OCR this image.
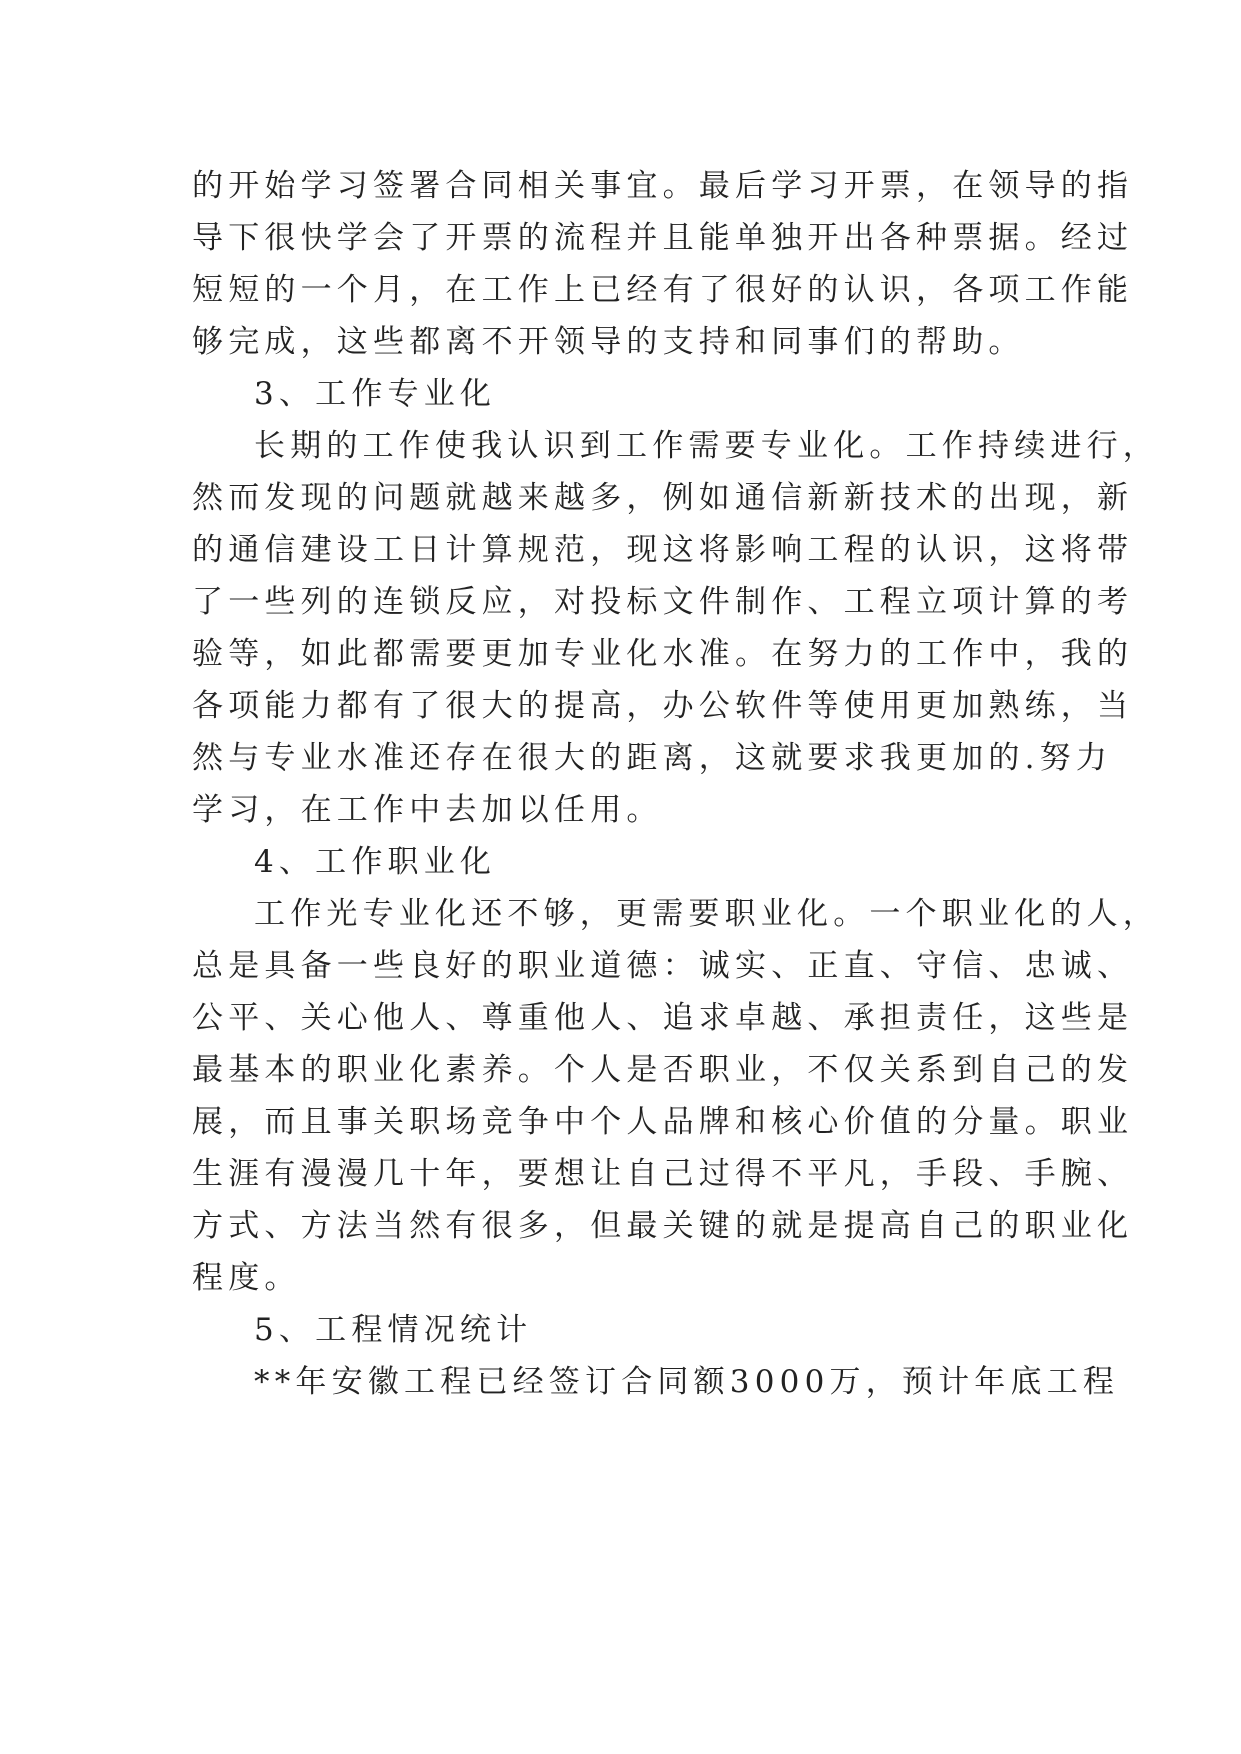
的开始学习签署合同相关事宜。最后学习开票，在领导的指
导下很快学会了开票的流程并且能单独开出各种票据。经过
短短的一个月，在工作上已经有了很好的认识，各项工作能
够完成，这些都离不开领导的支持和同事们的帮助。
3、工作专业化
长期的工作使我认识到工作需要专业化。工作持续进行，
然而发现的问题就越来越多，例如通信新新技术的出现，新
的通信建设工日计算规范，现这将影响工程的认识，这将带
了一些列的连锁反应，对投标文件制作、工程立项计算的考
验等，如此都需要更加专业化水准。在努力的工作中，我的
各项能力都有了很大的提高，办公软件等使用更加熟练，当
然与专业水准还存在很大的距离，这就要求我更加的.努力
学习，在工作中去加以任用。
4、工作职业化
工作光专业化还不够，更需要职业化。一个职业化的人，
总是具备一些良好的职业道德：诚实、正直、守信、忠诚、
公平、关心他人、尊重他人、追求卓越、承担责任，这些是
最基本的职业化素养。个人是否职业，不仅关系到自己的发
展，而且事关职场竞争中个人品牌和核心价值的分量。职业
生涯有漫漫几十年，要想让自己过得不平凡，手段、手腕、
方式、方法当然有很多，但最关键的就是提高自己的职业化
程度。
5、工程情况统计
**年安徽工程已经签订合同额3000万，预计年底工程
